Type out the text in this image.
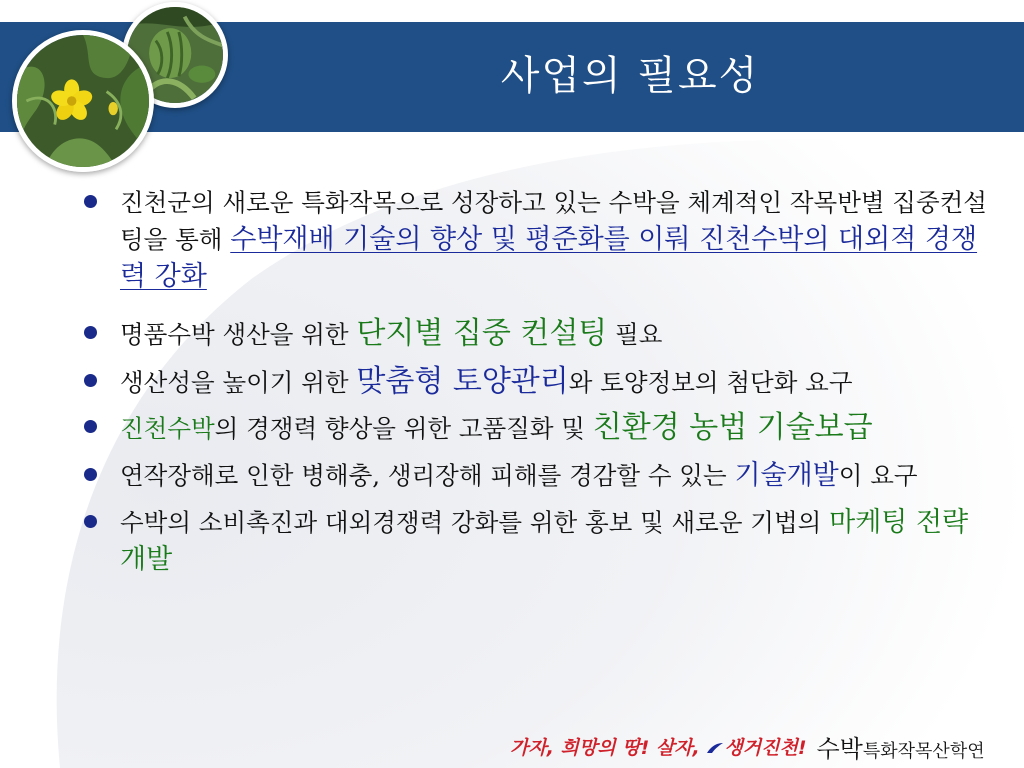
사업의 필요성
진천군의 새로운 특화작목으로 성장하고 있는 수박을 체계적인 작목반별 집중컨설팅을 통해 수박재배 기술의 향상 및 평준화를 이뤄 진천수박의 대외적 경쟁력 강화
명품수박 생산을 위한 단지별 집중 컨설팅 필요
생산성을 높이기 위한 맞춤형 토양관리와 토양정보의 첨단화 요구
진천수박의 경쟁력 향상을 위한 고품질화 및 친환경 농법 기술보급
연작장해로 인한 병해충, 생리장해 피해를 경감할 수 있는 기술개발이 요구
수박의 소비촉진과 대외경쟁력 강화를 위한 홍보 및 새로운 기법의 마케팅 전략 개발
가자, 희망의 땅! 살자, 생거진천! 수박특화작목산학연
